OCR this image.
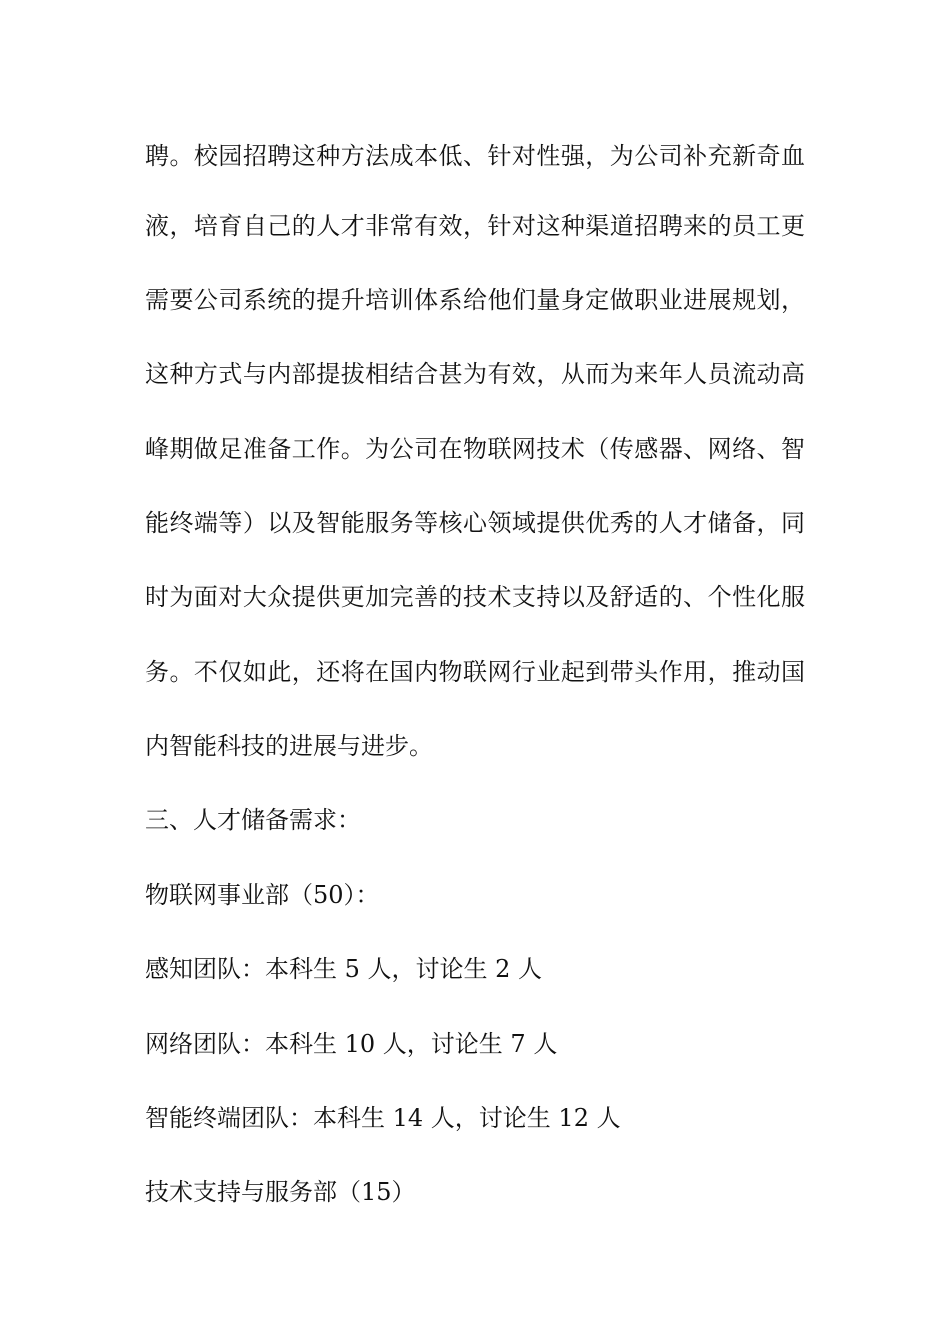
聘。校园招聘这种方法成本低、针对性强，为公司补充新奇血

液，培育自己的人才非常有效，针对这种渠道招聘来的员工更

需要公司系统的提升培训体系给他们量身定做职业进展规划，

这种方式与内部提拔相结合甚为有效，从而为来年人员流动高

峰期做足准备工作。为公司在物联网技术（传感器、网络、智

能终端等）以及智能服务等核心领域提供优秀的人才储备，同

时为面对大众提供更加完善的技术支持以及舒适的、个性化服

务。不仅如此，还将在国内物联网行业起到带头作用，推动国

内智能科技的进展与进步。

三、人才储备需求：

物联网事业部（50）：

感知团队：本科生 5 人，讨论生 2 人

网络团队：本科生 10 人，讨论生 7 人

智能终端团队：本科生 14 人，讨论生 12 人

技术支持与服务部（15）
